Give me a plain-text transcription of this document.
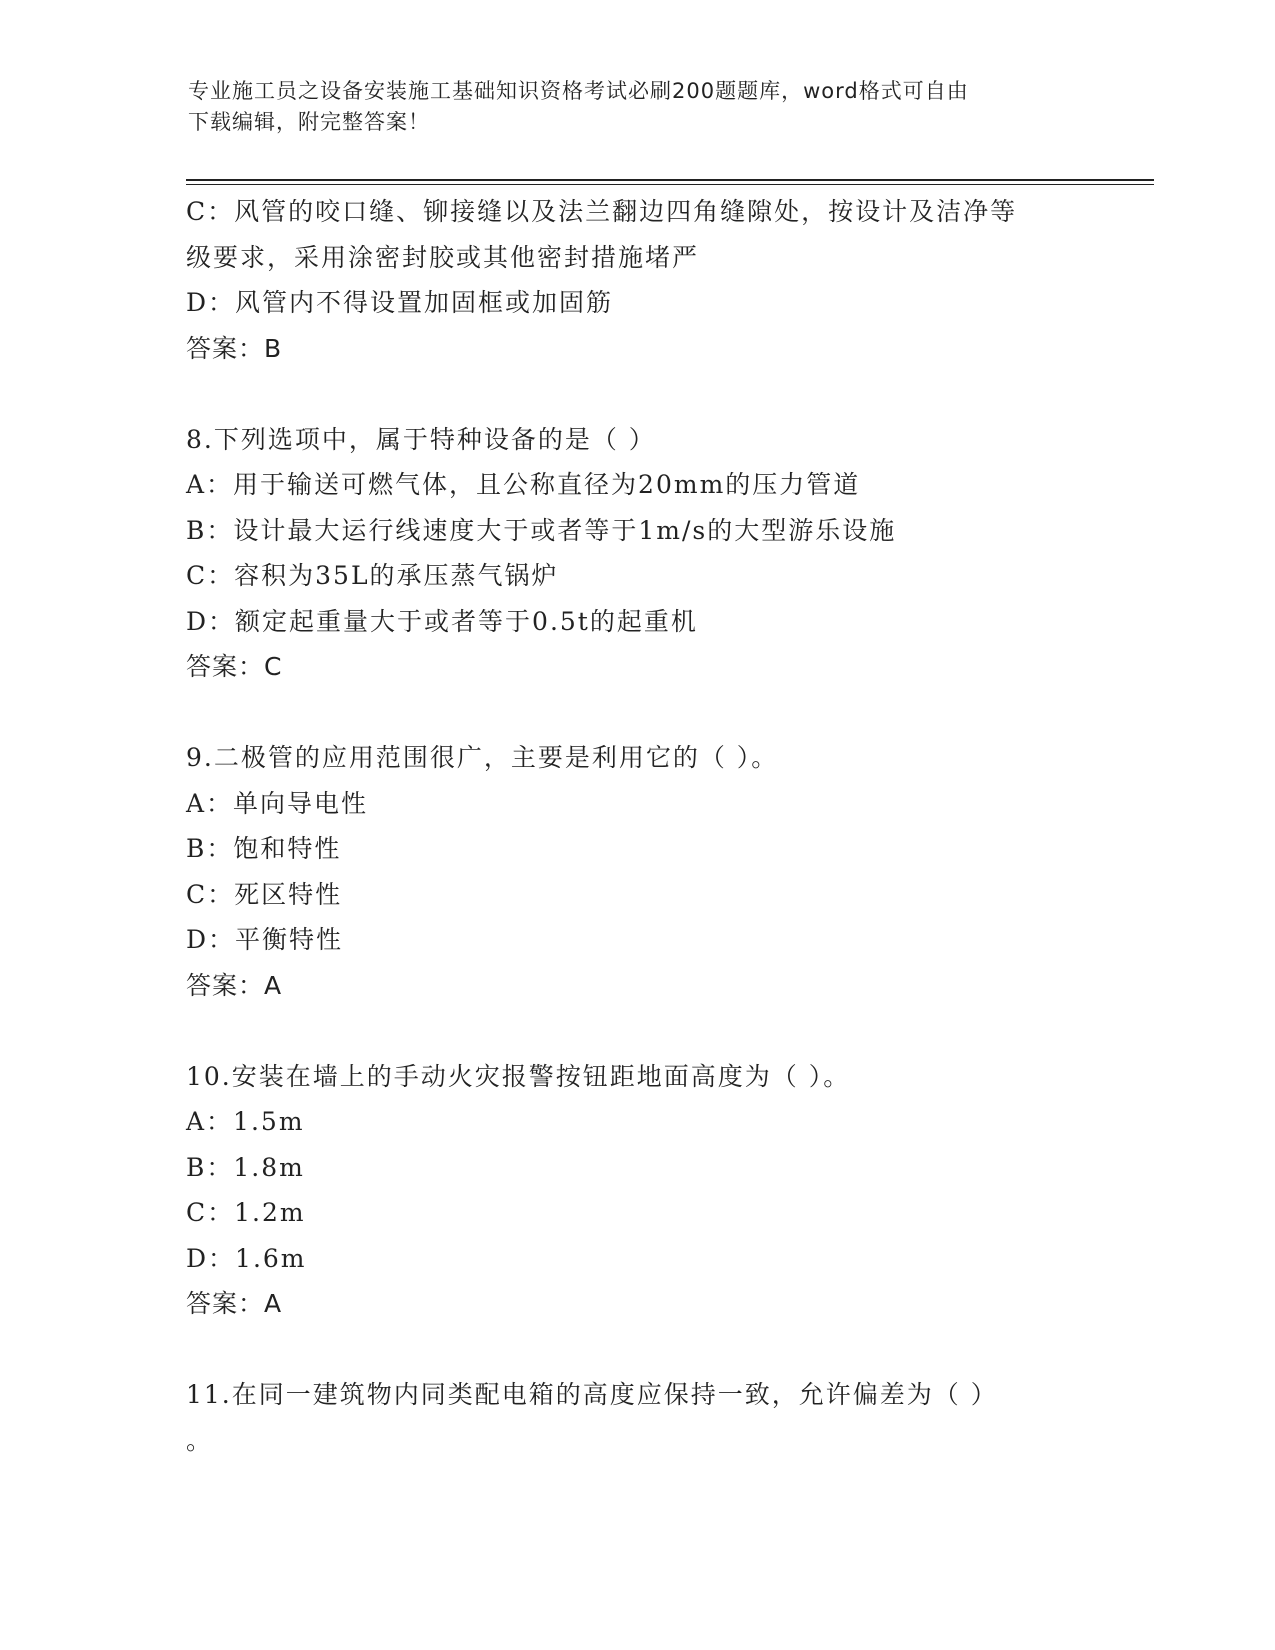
专业施工员之设备安装施工基础知识资格考试必刷200题题库，word格式可自由
下载编辑，附完整答案！
C：风管的咬口缝、铆接缝以及法兰翻边四角缝隙处，按设计及洁净等
级要求，采用涂密封胶或其他密封措施堵严
D：风管内不得设置加固框或加固筋
答案：B
8.下列选项中，属于特种设备的是（ ）
A：用于输送可燃气体，且公称直径为20mm的压力管道
B：设计最大运行线速度大于或者等于1m/s的大型游乐设施
C：容积为35L的承压蒸气锅炉
D：额定起重量大于或者等于0.5t的起重机
答案：C
9.二极管的应用范围很广，主要是利用它的（ ）。
A：单向导电性
B：饱和特性
C：死区特性
D：平衡特性
答案：A
10.安装在墙上的手动火灾报警按钮距地面高度为（ ）。
A：1.5m
B：1.8m
C：1.2m
D：1.6m
答案：A
11.在同一建筑物内同类配电箱的高度应保持一致，允许偏差为（ ）
。
